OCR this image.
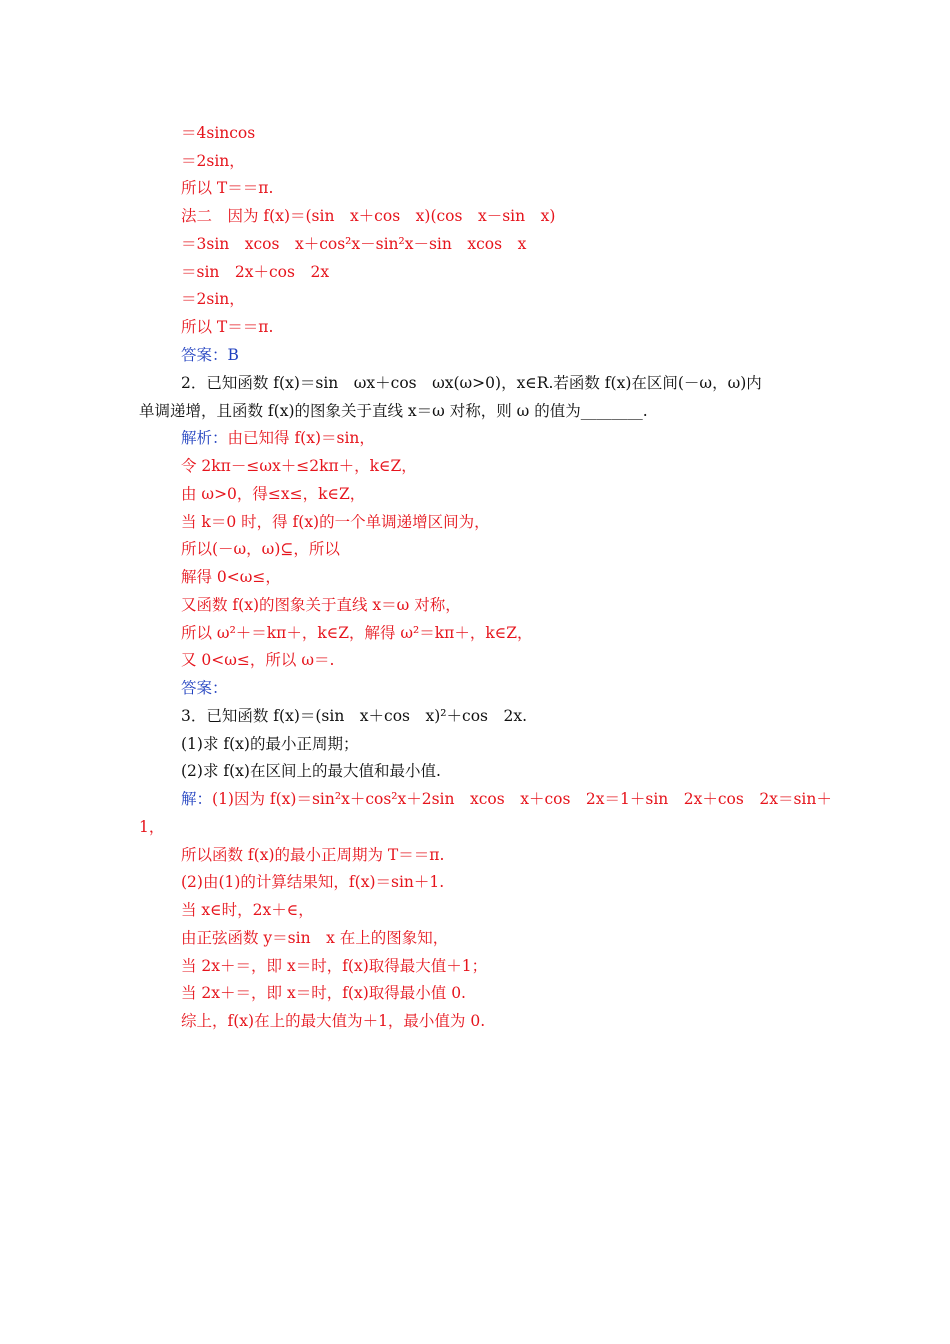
＝4sincos
＝2sin，
所以 T＝＝π.
法二　因为 f(x)＝(sin　x＋cos　x)(cos　x－sin　x)
＝3sin　xcos　x＋cos²x－sin²x－sin　xcos　x
＝sin　2x＋cos　2x
＝2sin，
所以 T＝＝π.
答案：B
2．已知函数 f(x)＝sin　ωx＋cos　ωx(ω>0)，x∈R.若函数 f(x)在区间(－ω，ω)内
单调递增，且函数 f(x)的图象关于直线 x＝ω 对称，则 ω 的值为________.
解析：由已知得 f(x)＝sin，
令 2kπ－≤ωx＋≤2kπ＋，k∈Z，
由 ω>0，得≤x≤，k∈Z，
当 k＝0 时，得 f(x)的一个单调递增区间为，
所以(－ω，ω)⊆，所以
解得 0<ω≤，
又函数 f(x)的图象关于直线 x＝ω 对称，
所以 ω²＋＝kπ＋，k∈Z，解得 ω²＝kπ＋，k∈Z，
又 0<ω≤，所以 ω＝.
答案：
3．已知函数 f(x)＝(sin　x＋cos　x)²＋cos　2x.
(1)求 f(x)的最小正周期；
(2)求 f(x)在区间上的最大值和最小值.
解：(1)因为 f(x)＝sin²x＋cos²x＋2sin　xcos　x＋cos　2x＝1＋sin　2x＋cos　2x＝sin＋
1，
所以函数 f(x)的最小正周期为 T＝＝π.
(2)由(1)的计算结果知，f(x)＝sin＋1.
当 x∈时，2x＋∈，
由正弦函数 y＝sin　x 在上的图象知，
当 2x＋＝，即 x＝时，f(x)取得最大值＋1；
当 2x＋＝，即 x＝时，f(x)取得最小值 0.
综上，f(x)在上的最大值为＋1，最小值为 0.
